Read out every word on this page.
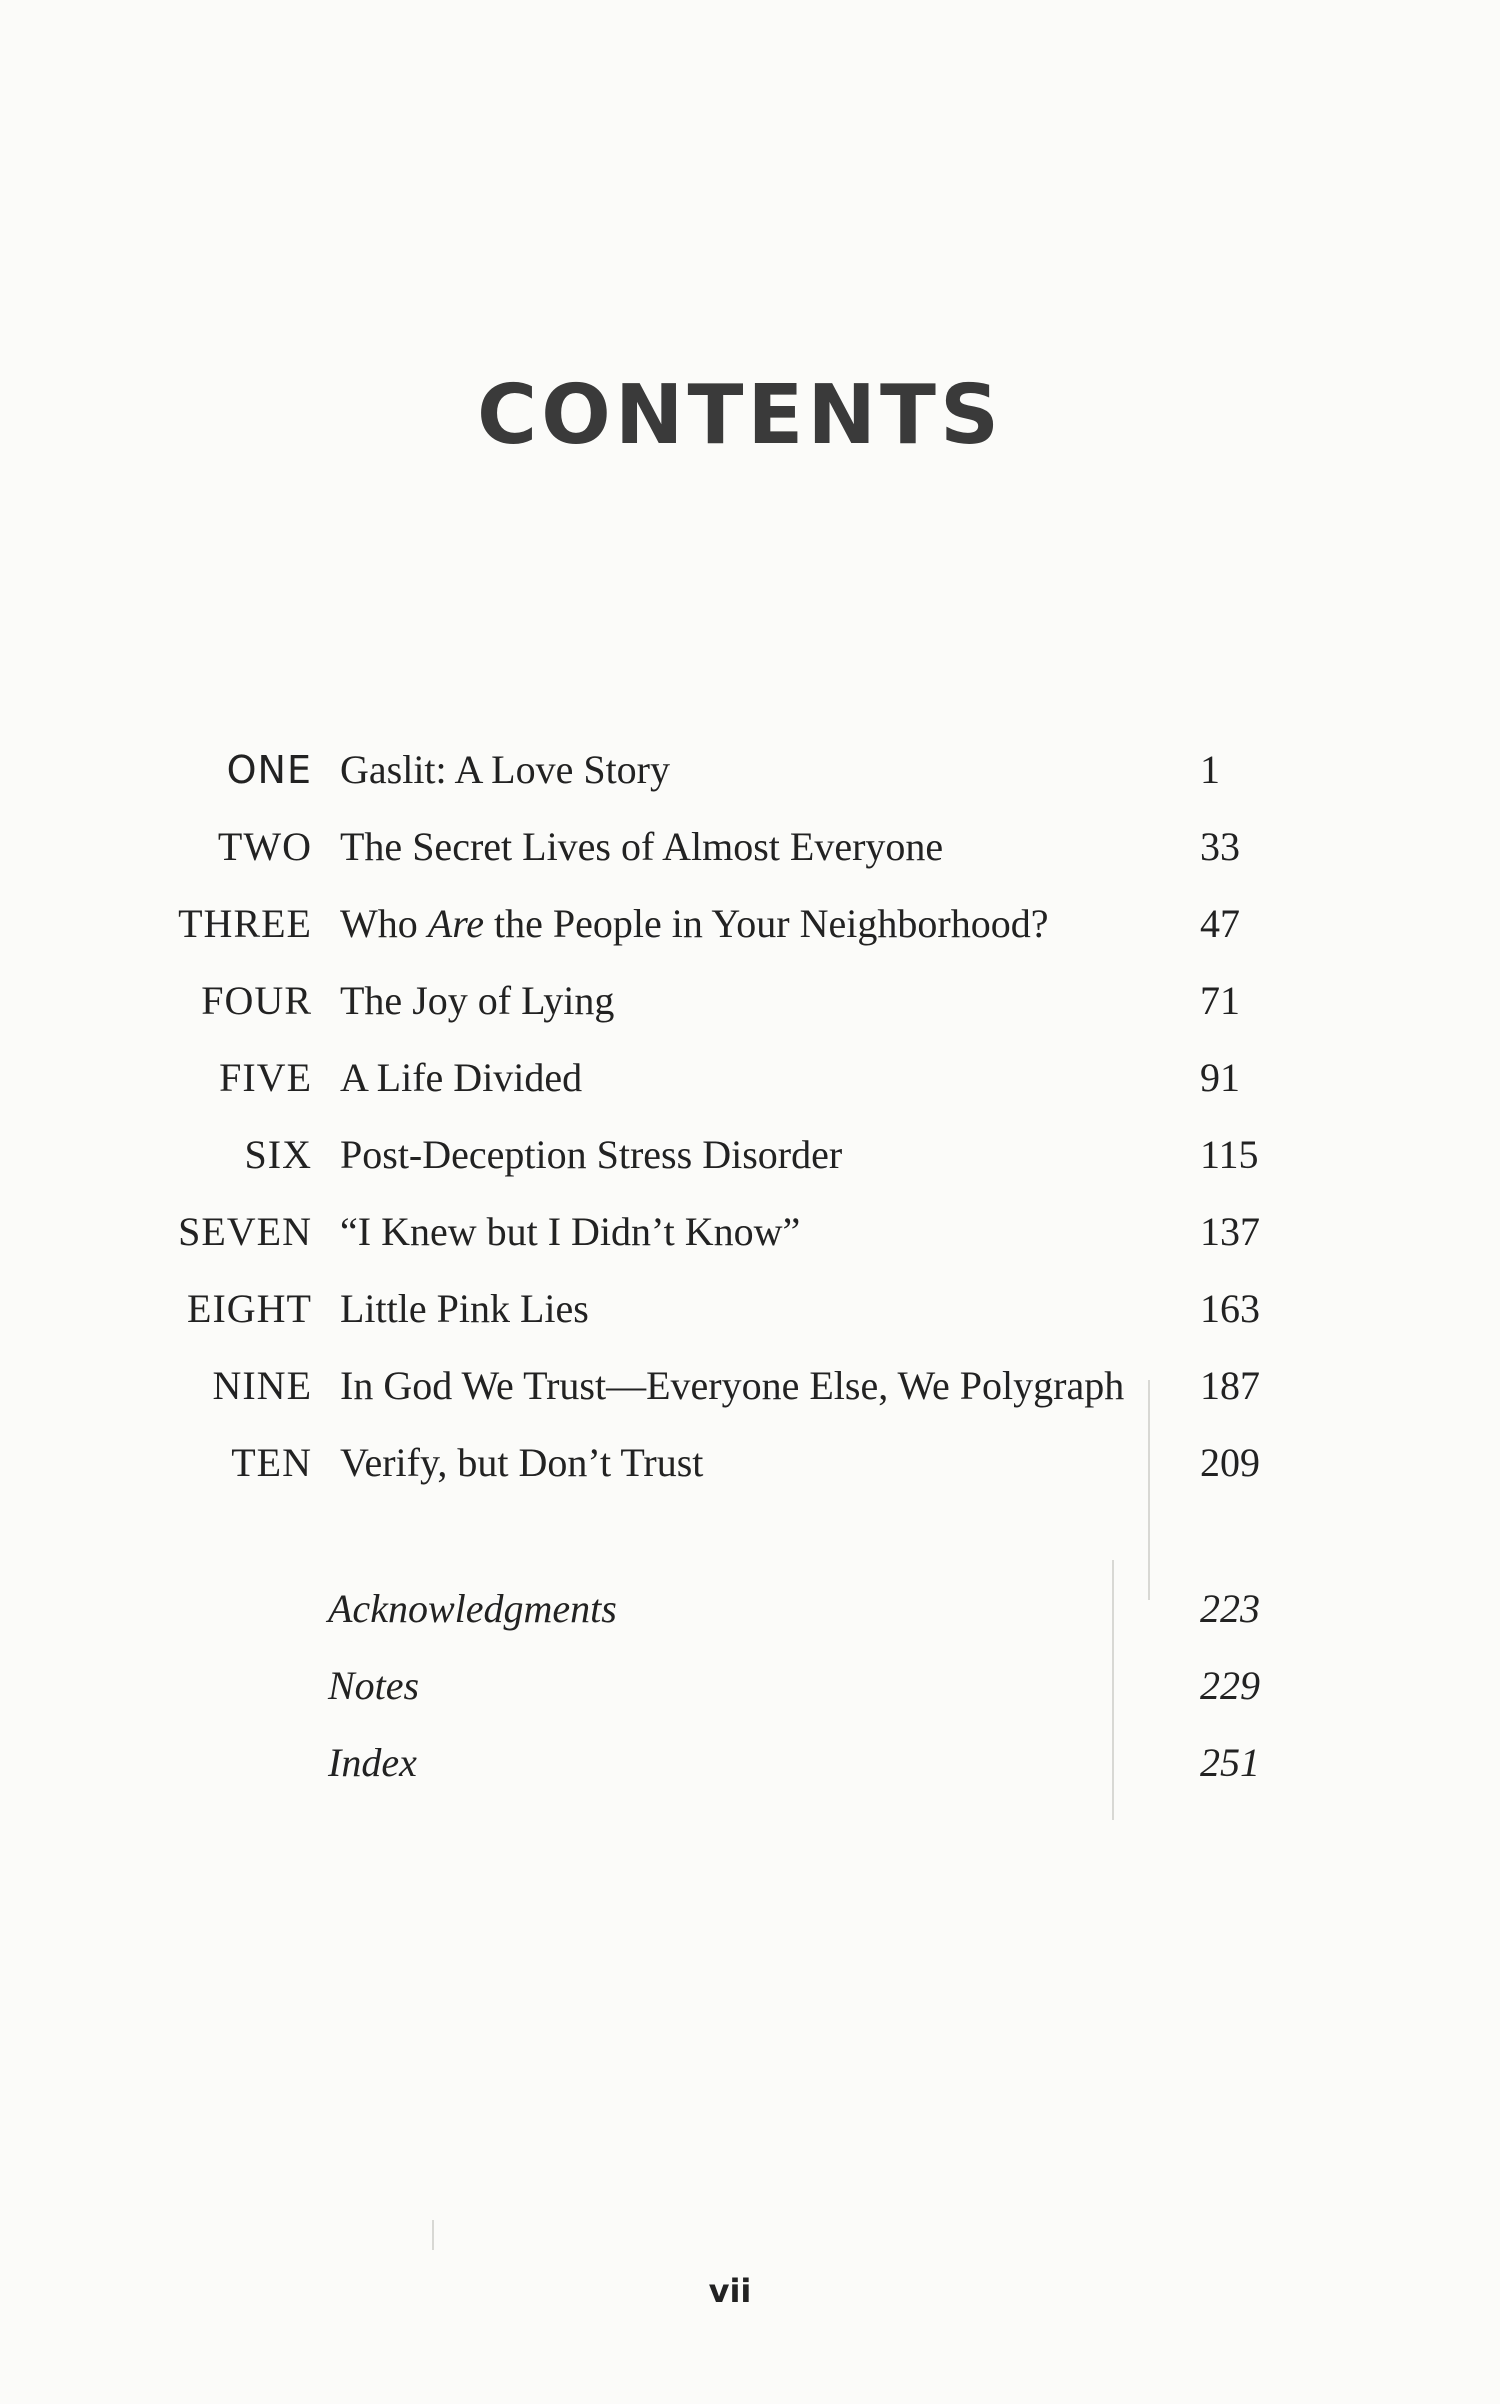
CONTENTS
ONE Gaslit: A Love Story	1
TWO The Secret Lives of Almost Everyone	33
THREE Who Are the People in Your Neighborhood?	47
FOUR The Joy of Lying	71
FIVE A Life Divided	91
SIX Post-Deception Stress Disorder	115
SEVEN “I Knew but I Didn’t Know”	137
EIGHT Little Pink Lies	163
NINE In God We Trust—Everyone Else, We Polygraph 187
TEN Verify, but Don’t Trust	209
Acknowledgments	223
Notes	229
Index	251
vii
